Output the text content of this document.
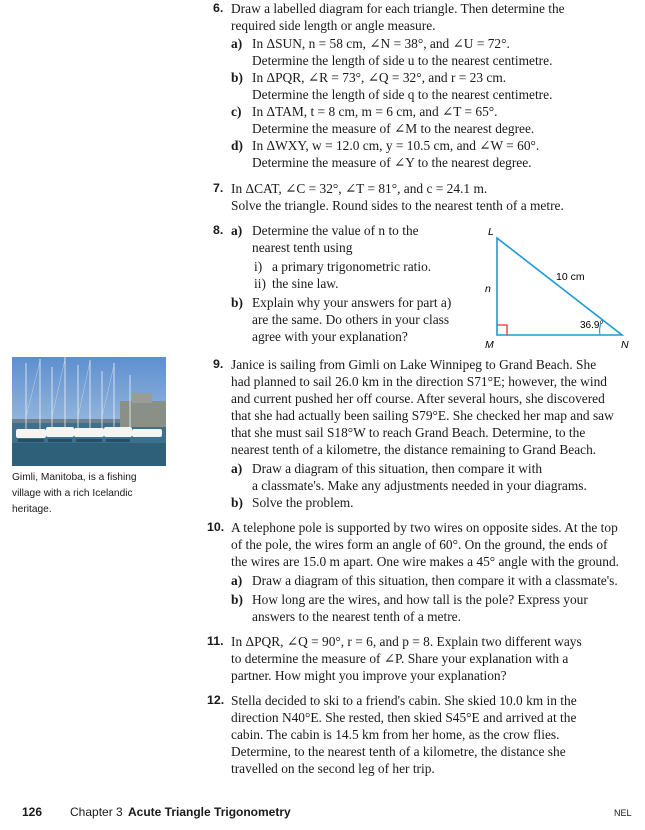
6. Draw a labelled diagram for each triangle. Then determine the
required side length or angle measure.
a) In ΔSUN, n = 58 cm, ∠N = 38°, and ∠U = 72°.
Determine the length of side u to the nearest centimetre.
b) In ΔPQR, ∠R = 73°, ∠Q = 32°, and r = 23 cm.
Determine the length of side q to the nearest centimetre.
c) In ΔTAM, t = 8 cm, m = 6 cm, and ∠T = 65°.
Determine the measure of ∠M to the nearest degree.
d) In ΔWXY, w = 12.0 cm, y = 10.5 cm, and ∠W = 60°.
Determine the measure of ∠Y to the nearest degree.
7. In ΔCAT, ∠C = 32°, ∠T = 81°, and c = 24.1 m.
Solve the triangle. Round sides to the nearest tenth of a metre.
8. a) Determine the value of n to the
nearest tenth using
i) a primary trigonometric ratio.
ii) the sine law.
b) Explain why your answers for part a)
are the same. Do others in your class
agree with your explanation?
L
n
10 cm
36.9°
M	N
Gimli, Manitoba, is a fishing
village with a rich Icelandic
heritage.
9. Janice is sailing from Gimli on Lake Winnipeg to Grand Beach. She
had planned to sail 26.0 km in the direction S71°E; however, the wind
and current pushed her off course. After several hours, she discovered
that she had actually been sailing S79°E. She checked her map and saw
that she must sail S18°W to reach Grand Beach. Determine, to the
nearest tenth of a kilometre, the distance remaining to Grand Beach.
a) Draw a diagram of this situation, then compare it with
a classmate's. Make any adjustments needed in your diagrams.
b) Solve the problem.
10. A telephone pole is supported by two wires on opposite sides. At the top
of the pole, the wires form an angle of 60°. On the ground, the ends of
the wires are 15.0 m apart. One wire makes a 45° angle with the ground.
a) Draw a diagram of this situation, then compare it with a classmate's.
b) How long are the wires, and how tall is the pole? Express your
answers to the nearest tenth of a metre.
11. In ΔPQR, ∠Q = 90°, r = 6, and p = 8. Explain two different ways
to determine the measure of ∠P. Share your explanation with a
partner. How might you improve your explanation?
12. Stella decided to ski to a friend's cabin. She skied 10.0 km in the
direction N40°E. She rested, then skied S45°E and arrived at the
cabin. The cabin is 14.5 km from her home, as the crow flies.
Determine, to the nearest tenth of a kilometre, the distance she
travelled on the second leg of her trip.
126 Chapter 3 Acute Triangle Trigonometry	NEL
